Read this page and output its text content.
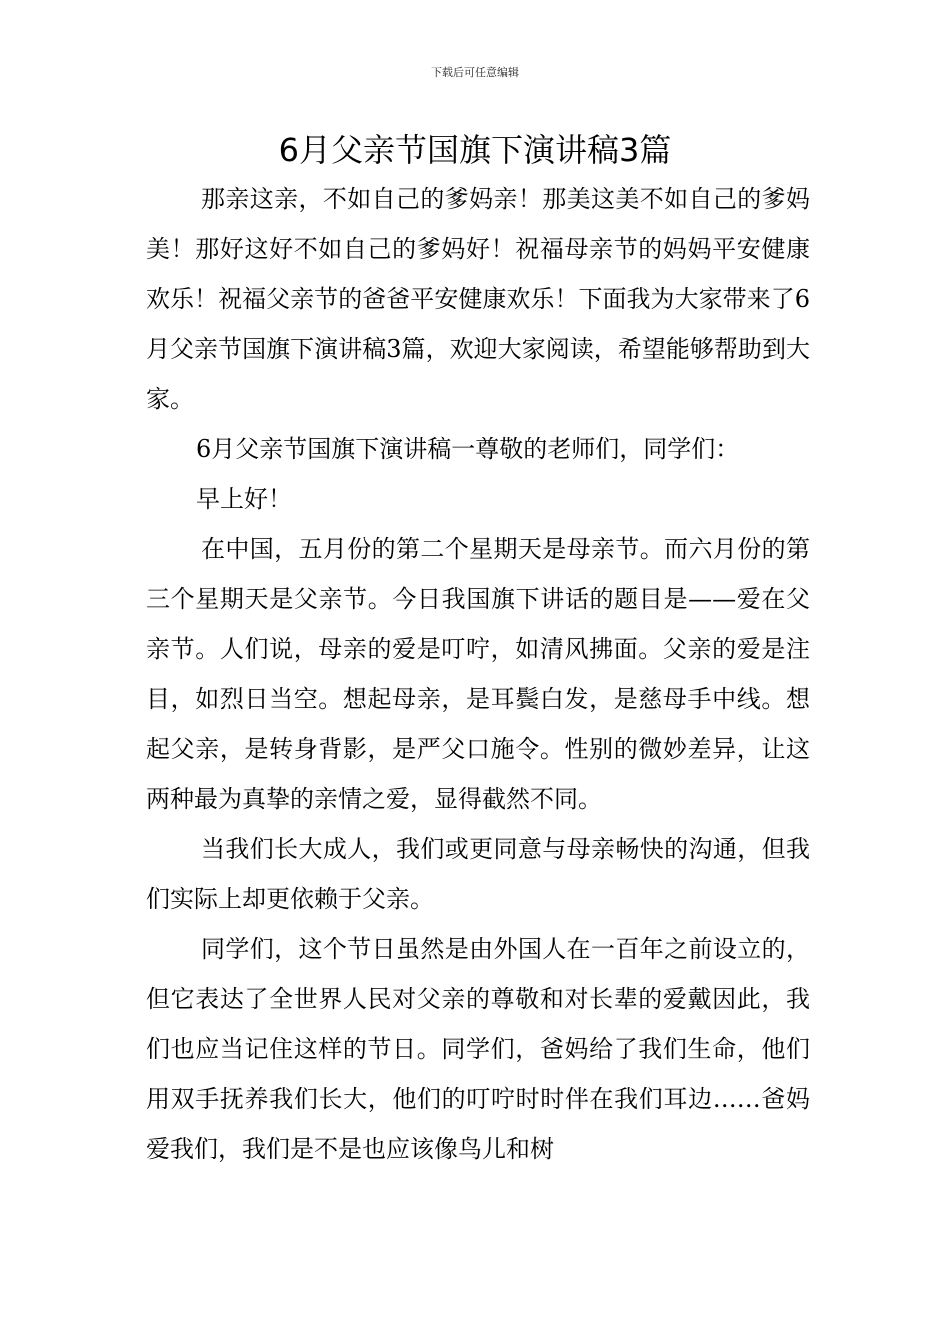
下载后可任意编辑
6月父亲节国旗下演讲稿3篇

那亲这亲，不如自己的爹妈亲！那美这美不如自己的爹妈美！那好这好不如自己的爹妈好！祝福母亲节的妈妈平安健康欢乐！祝福父亲节的爸爸平安健康欢乐！下面我为大家带来了6月父亲节国旗下演讲稿3篇，欢迎大家阅读，希望能够帮助到大家。

6月父亲节国旗下演讲稿一尊敬的老师们，同学们：

早上好！

在中国，五月份的第二个星期天是母亲节。而六月份的第三个星期天是父亲节。今日我国旗下讲话的题目是——爱在父亲节。人们说，母亲的爱是叮咛，如清风拂面。父亲的爱是注目，如烈日当空。想起母亲，是耳鬓白发，是慈母手中线。想起父亲，是转身背影，是严父口施令。性别的微妙差异，让这两种最为真挚的亲情之爱，显得截然不同。

当我们长大成人，我们或更同意与母亲畅快的沟通，但我们实际上却更依赖于父亲。

同学们，这个节日虽然是由外国人在一百年之前设立的，但它表达了全世界人民对父亲的尊敬和对长辈的爱戴因此，我们也应当记住这样的节日。同学们，爸妈给了我们生命，他们用双手抚养我们长大，他们的叮咛时时伴在我们耳边……爸妈爱我们，我们是不是也应该像鸟儿和树
